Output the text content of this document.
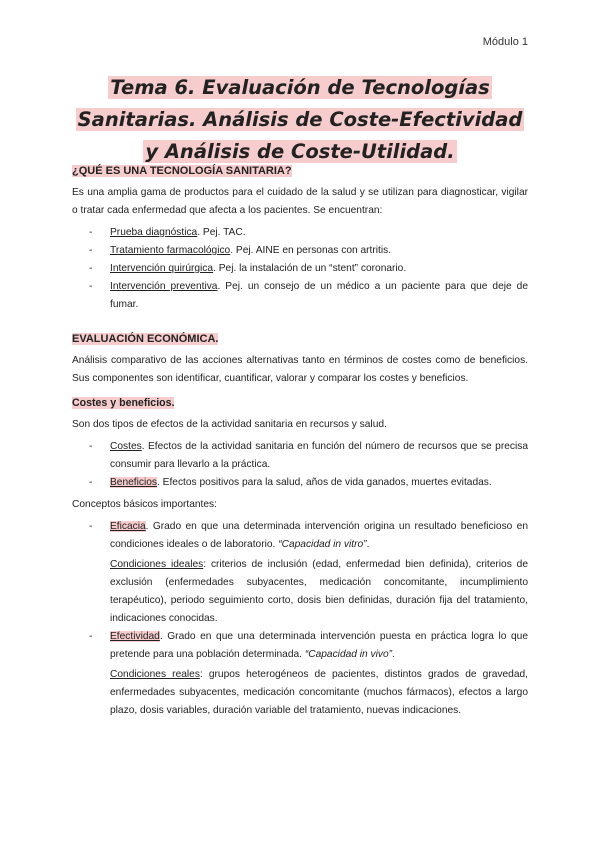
Módulo 1
Tema 6. Evaluación de Tecnologías Sanitarias. Análisis de Coste-Efectividad y Análisis de Coste-Utilidad.
¿QUÉ ES UNA TECNOLOGÍA SANITARIA?

Es una amplia gama de productos para el cuidado de la salud y se utilizan para diagnosticar, vigilar o tratar cada enfermedad que afecta a los pacientes. Se encuentran:

- Prueba diagnóstica. Pej. TAC.
- Tratamiento farmacológico. Pej. AINE en personas con artritis.
- Intervención quirúrgica. Pej. la instalación de un “stent” coronario.
- Intervención preventiva. Pej. un consejo de un médico a un paciente para que deje de fumar.
EVALUACIÓN ECONÓMICA.

Análisis comparativo de las acciones alternativas tanto en términos de costes como de beneficios. Sus componentes son identificar, cuantificar, valorar y comparar los costes y beneficios.

Costes y beneficios.

Son dos tipos de efectos de la actividad sanitaria en recursos y salud.

- Costes. Efectos de la actividad sanitaria en función del número de recursos que se precisa consumir para llevarlo a la práctica.
- Beneficios. Efectos positivos para la salud, años de vida ganados, muertes evitadas.

Conceptos básicos importantes:

- Eficacia. Grado en que una determinada intervención origina un resultado beneficioso en condiciones ideales o de laboratorio. “Capacidad in vitro”.
Condiciones ideales: criterios de inclusión (edad, enfermedad bien definida), criterios de exclusión (enfermedades subyacentes, medicación concomitante, incumplimiento terapéutico), periodo seguimiento corto, dosis bien definidas, duración fija del tratamiento, indicaciones conocidas.
- Efectividad. Grado en que una determinada intervención puesta en práctica logra lo que pretende para una población determinada. “Capacidad in vivo”.
Condiciones reales: grupos heterogéneos de pacientes, distintos grados de gravedad, enfermedades subyacentes, medicación concomitante (muchos fármacos), efectos a largo plazo, dosis variables, duración variable del tratamiento, nuevas indicaciones.
